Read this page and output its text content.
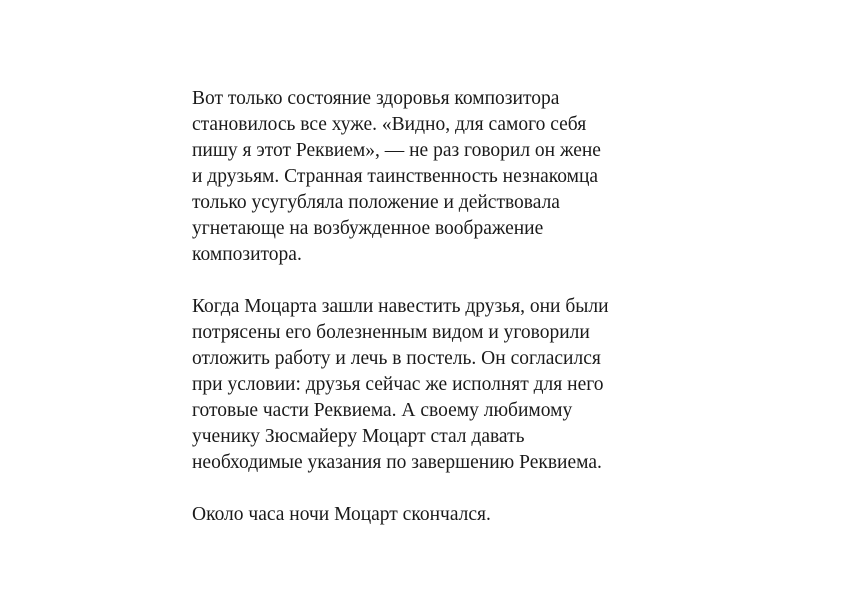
Вот только состояние здоровья композитора
становилось все хуже. «Видно, для самого себя
пишу я этот Реквием», — не раз говорил он жене
и друзьям. Странная таинственность незнакомца
только усугубляла положение и действовала
угнетающе на возбужденное воображение
композитора.

Когда Моцарта зашли навестить друзья, они были
потрясены его болезненным видом и уговорили
отложить работу и лечь в постель. Он согласился
при условии: друзья сейчас же исполнят для него
готовые части Реквиема. А своему любимому
ученику Зюсмайеру Моцарт стал давать
необходимые указания по завершению Реквиема.

Около часа ночи Моцарт скончался.
